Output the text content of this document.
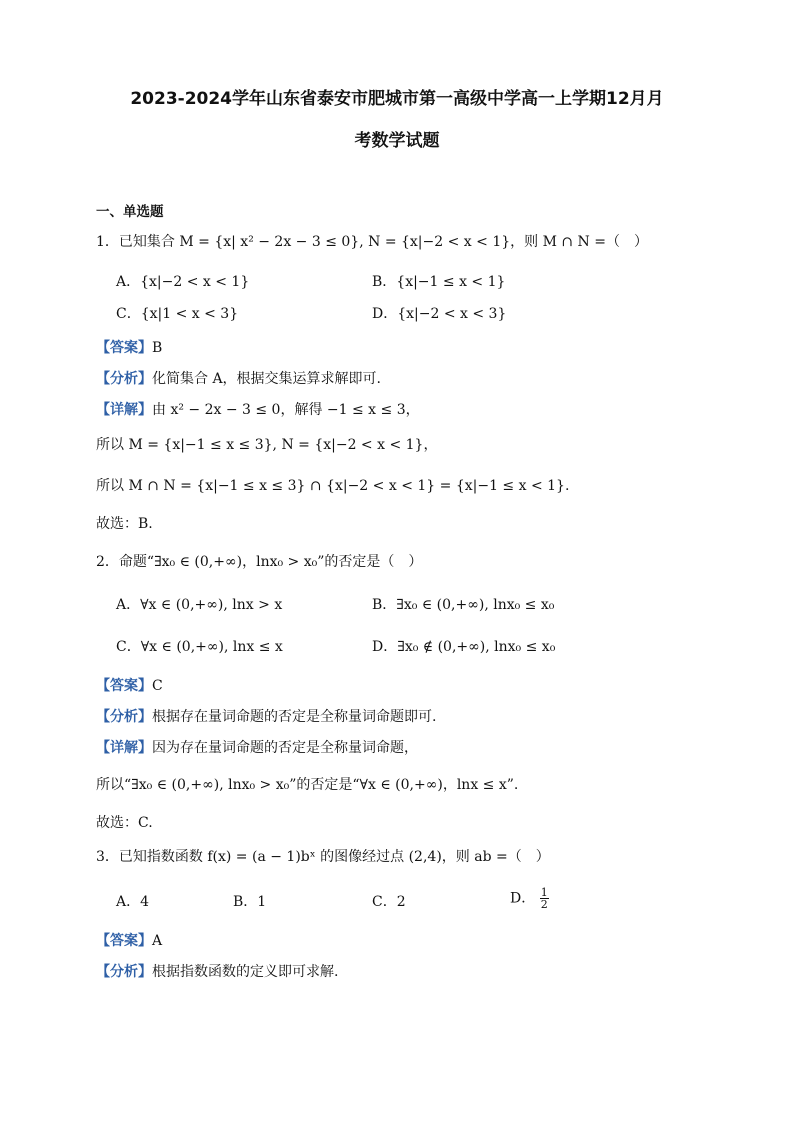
2023-2024学年山东省泰安市肥城市第一高级中学高一上学期12月月
考数学试题
一、单选题
1．已知集合 M = {x| x² − 2x − 3 ≤ 0}, N = {x|−2 < x < 1}，则 M ∩ N =（　）
A．{x|−2 < x < 1}	B．{x|−1 ≤ x < 1}
C．{x|1 < x < 3}	D．{x|−2 < x < 3}
【答案】B
【分析】化简集合 A，根据交集运算求解即可.
【详解】由 x² − 2x − 3 ≤ 0，解得 −1 ≤ x ≤ 3，
所以 M = {x|−1 ≤ x ≤ 3}, N = {x|−2 < x < 1}，
所以 M ∩ N = {x|−1 ≤ x ≤ 3} ∩ {x|−2 < x < 1} = {x|−1 ≤ x < 1}.
故选：B.
2．命题“∃x₀ ∈ (0,+∞)，lnx₀ > x₀”的否定是（　）
A．∀x ∈ (0,+∞), lnx > x	B．∃x₀ ∈ (0,+∞), lnx₀ ≤ x₀
C．∀x ∈ (0,+∞), lnx ≤ x	D．∃x₀ ∉ (0,+∞), lnx₀ ≤ x₀
【答案】C
【分析】根据存在量词命题的否定是全称量词命题即可.
【详解】因为存在量词命题的否定是全称量词命题，
所以“∃x₀ ∈ (0,+∞), lnx₀ > x₀”的否定是“∀x ∈ (0,+∞)，lnx ≤ x”.
故选：C.
3．已知指数函数 f(x) = (a − 1)bˣ 的图像经过点 (2,4)，则 ab =（　）
A．4	B．1	C．2	D． $\frac{1}{2}$
【答案】A
【分析】根据指数函数的定义即可求解.
